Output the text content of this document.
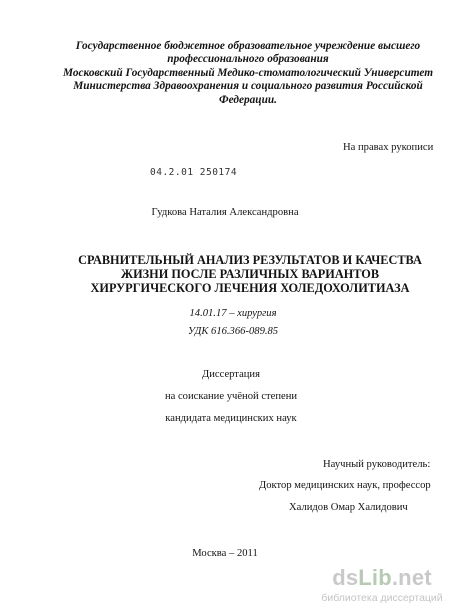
Государственное бюджетное образовательное учреждение высшего
профессионального образования
Московский Государственный Медико-стоматологический Университет
Министерства Здравоохранения и социального развития Российской
Федерации.
На правах рукописи
04.2.01 250174
Гудкова Наталия Александровна
СРАВНИТЕЛЬНЫЙ АНАЛИЗ РЕЗУЛЬТАТОВ И КАЧЕСТВА
ЖИЗНИ ПОСЛЕ РАЗЛИЧНЫХ ВАРИАНТОВ
ХИРУРГИЧЕСКОГО ЛЕЧЕНИЯ ХОЛЕДОХОЛИТИАЗА
14.01.17 – хирургия
УДК 616.366-089.85
Диссертация
на соискание учёной степени
кандидата медицинских наук
Научный руководитель:
Доктор медицинских наук, профессор
Халидов Омар Халидович
Москва – 2011
dsLib.net
библиотека диссертаций
